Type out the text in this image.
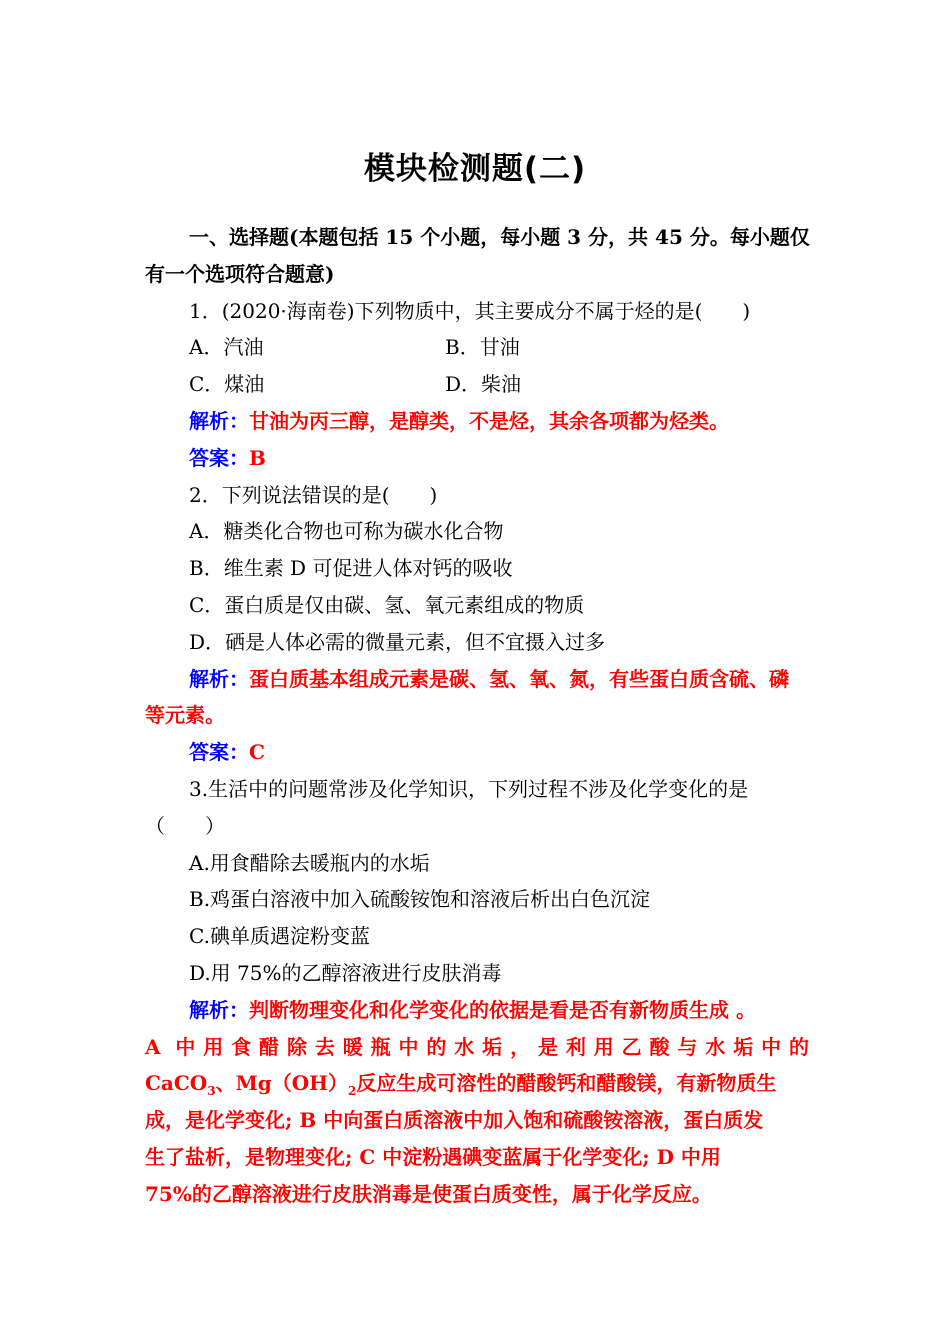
模块检测题(二)
一、选择题(本题包括 15 个小题，每小题 3 分，共 45 分。每小题仅
有一个选项符合题意)
1．(2020·海南卷)下列物质中，其主要成分不属于烃的是(　　)
A．汽油	B．甘油
C．煤油	D．柴油
解析：甘油为丙三醇，是醇类，不是烃，其余各项都为烃类。
答案：B
2．下列说法错误的是(　　)
A．糖类化合物也可称为碳水化合物
B．维生素 D 可促进人体对钙的吸收
C．蛋白质是仅由碳、氢、氧元素组成的物质
D．硒是人体必需的微量元素，但不宜摄入过多
解析：蛋白质基本组成元素是碳、氢、氧、氮，有些蛋白质含硫、磷
等元素。
答案：C
3.生活中的问题常涉及化学知识，下列过程不涉及化学变化的是
（　　）
A.用食醋除去暖瓶内的水垢
B.鸡蛋白溶液中加入硫酸铵饱和溶液后析出白色沉淀
C.碘单质遇淀粉变蓝
D.用 75%的乙醇溶液进行皮肤消毒
解析：判断物理变化和化学变化的依据是看是否有新物质生成 。
A 中用食醋除去暖瓶中的水垢，是利用乙酸与水垢中的
CaCO$_3$、$Mg(OH)_2$反应生成可溶性的醋酸钙和醋酸镁，有新物质生
成，是化学变化; B 中向蛋白质溶液中加入饱和硫酸铵溶液，蛋白质发
生了盐析，是物理变化; C 中淀粉遇碘变蓝属于化学变化; D 中用
75%的乙醇溶液进行皮肤消毒是使蛋白质变性，属于化学反应。
